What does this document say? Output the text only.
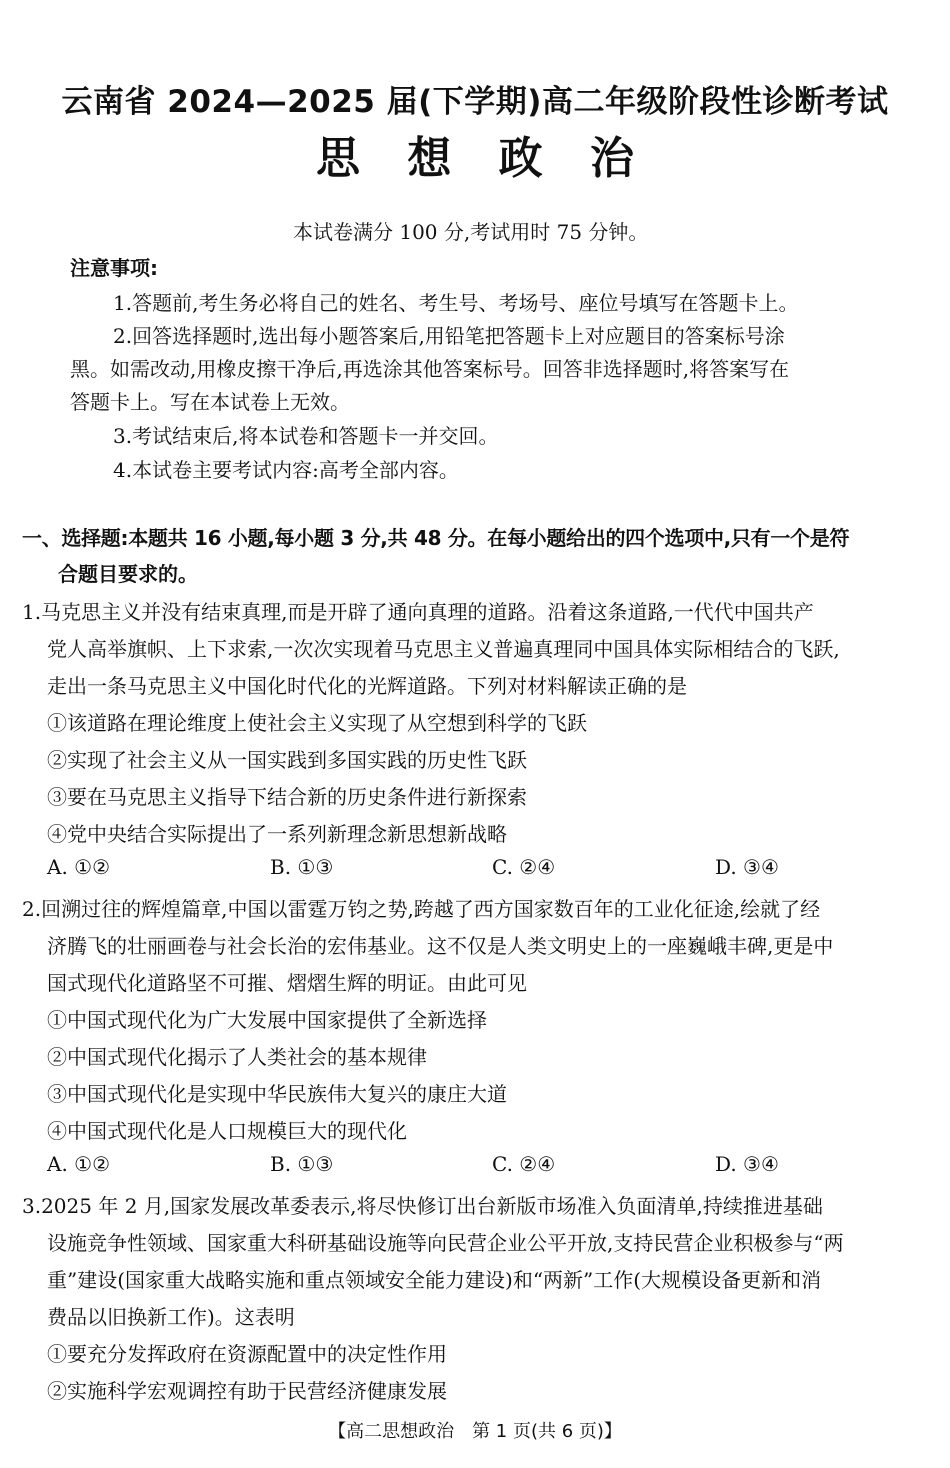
云南省 2024—2025 届(下学期)高二年级阶段性诊断考试
思 想 政 治
本试卷满分 100 分,考试用时 75 分钟。
注意事项:
1.答题前,考生务必将自己的姓名、考生号、考场号、座位号填写在答题卡上。
2.回答选择题时,选出每小题答案后,用铅笔把答题卡上对应题目的答案标号涂
黑。如需改动,用橡皮擦干净后,再选涂其他答案标号。回答非选择题时,将答案写在
答题卡上。写在本试卷上无效。
3.考试结束后,将本试卷和答题卡一并交回。
4.本试卷主要考试内容:高考全部内容。
一、选择题:本题共 16 小题,每小题 3 分,共 48 分。在每小题给出的四个选项中,只有一个是符
合题目要求的。
1.马克思主义并没有结束真理,而是开辟了通向真理的道路。沿着这条道路,一代代中国共产
党人高举旗帜、上下求索,一次次实现着马克思主义普遍真理同中国具体实际相结合的飞跃,
走出一条马克思主义中国化时代化的光辉道路。下列对材料解读正确的是
①该道路在理论维度上使社会主义实现了从空想到科学的飞跃
②实现了社会主义从一国实践到多国实践的历史性飞跃
③要在马克思主义指导下结合新的历史条件进行新探索
④党中央结合实际提出了一系列新理念新思想新战略
A. ①②	B. ①③	C. ②④	D. ③④
2.回溯过往的辉煌篇章,中国以雷霆万钧之势,跨越了西方国家数百年的工业化征途,绘就了经
济腾飞的壮丽画卷与社会长治的宏伟基业。这不仅是人类文明史上的一座巍峨丰碑,更是中
国式现代化道路坚不可摧、熠熠生辉的明证。由此可见
①中国式现代化为广大发展中国家提供了全新选择
②中国式现代化揭示了人类社会的基本规律
③中国式现代化是实现中华民族伟大复兴的康庄大道
④中国式现代化是人口规模巨大的现代化
A. ①②	B. ①③	C. ②④	D. ③④
3.2025 年 2 月,国家发展改革委表示,将尽快修订出台新版市场准入负面清单,持续推进基础
设施竞争性领域、国家重大科研基础设施等向民营企业公平开放,支持民营企业积极参与“两
重”建设(国家重大战略实施和重点领域安全能力建设)和“两新”工作(大规模设备更新和消
费品以旧换新工作)。这表明
①要充分发挥政府在资源配置中的决定性作用
②实施科学宏观调控有助于民营经济健康发展
【高二思想政治　第 1 页(共 6 页)】
